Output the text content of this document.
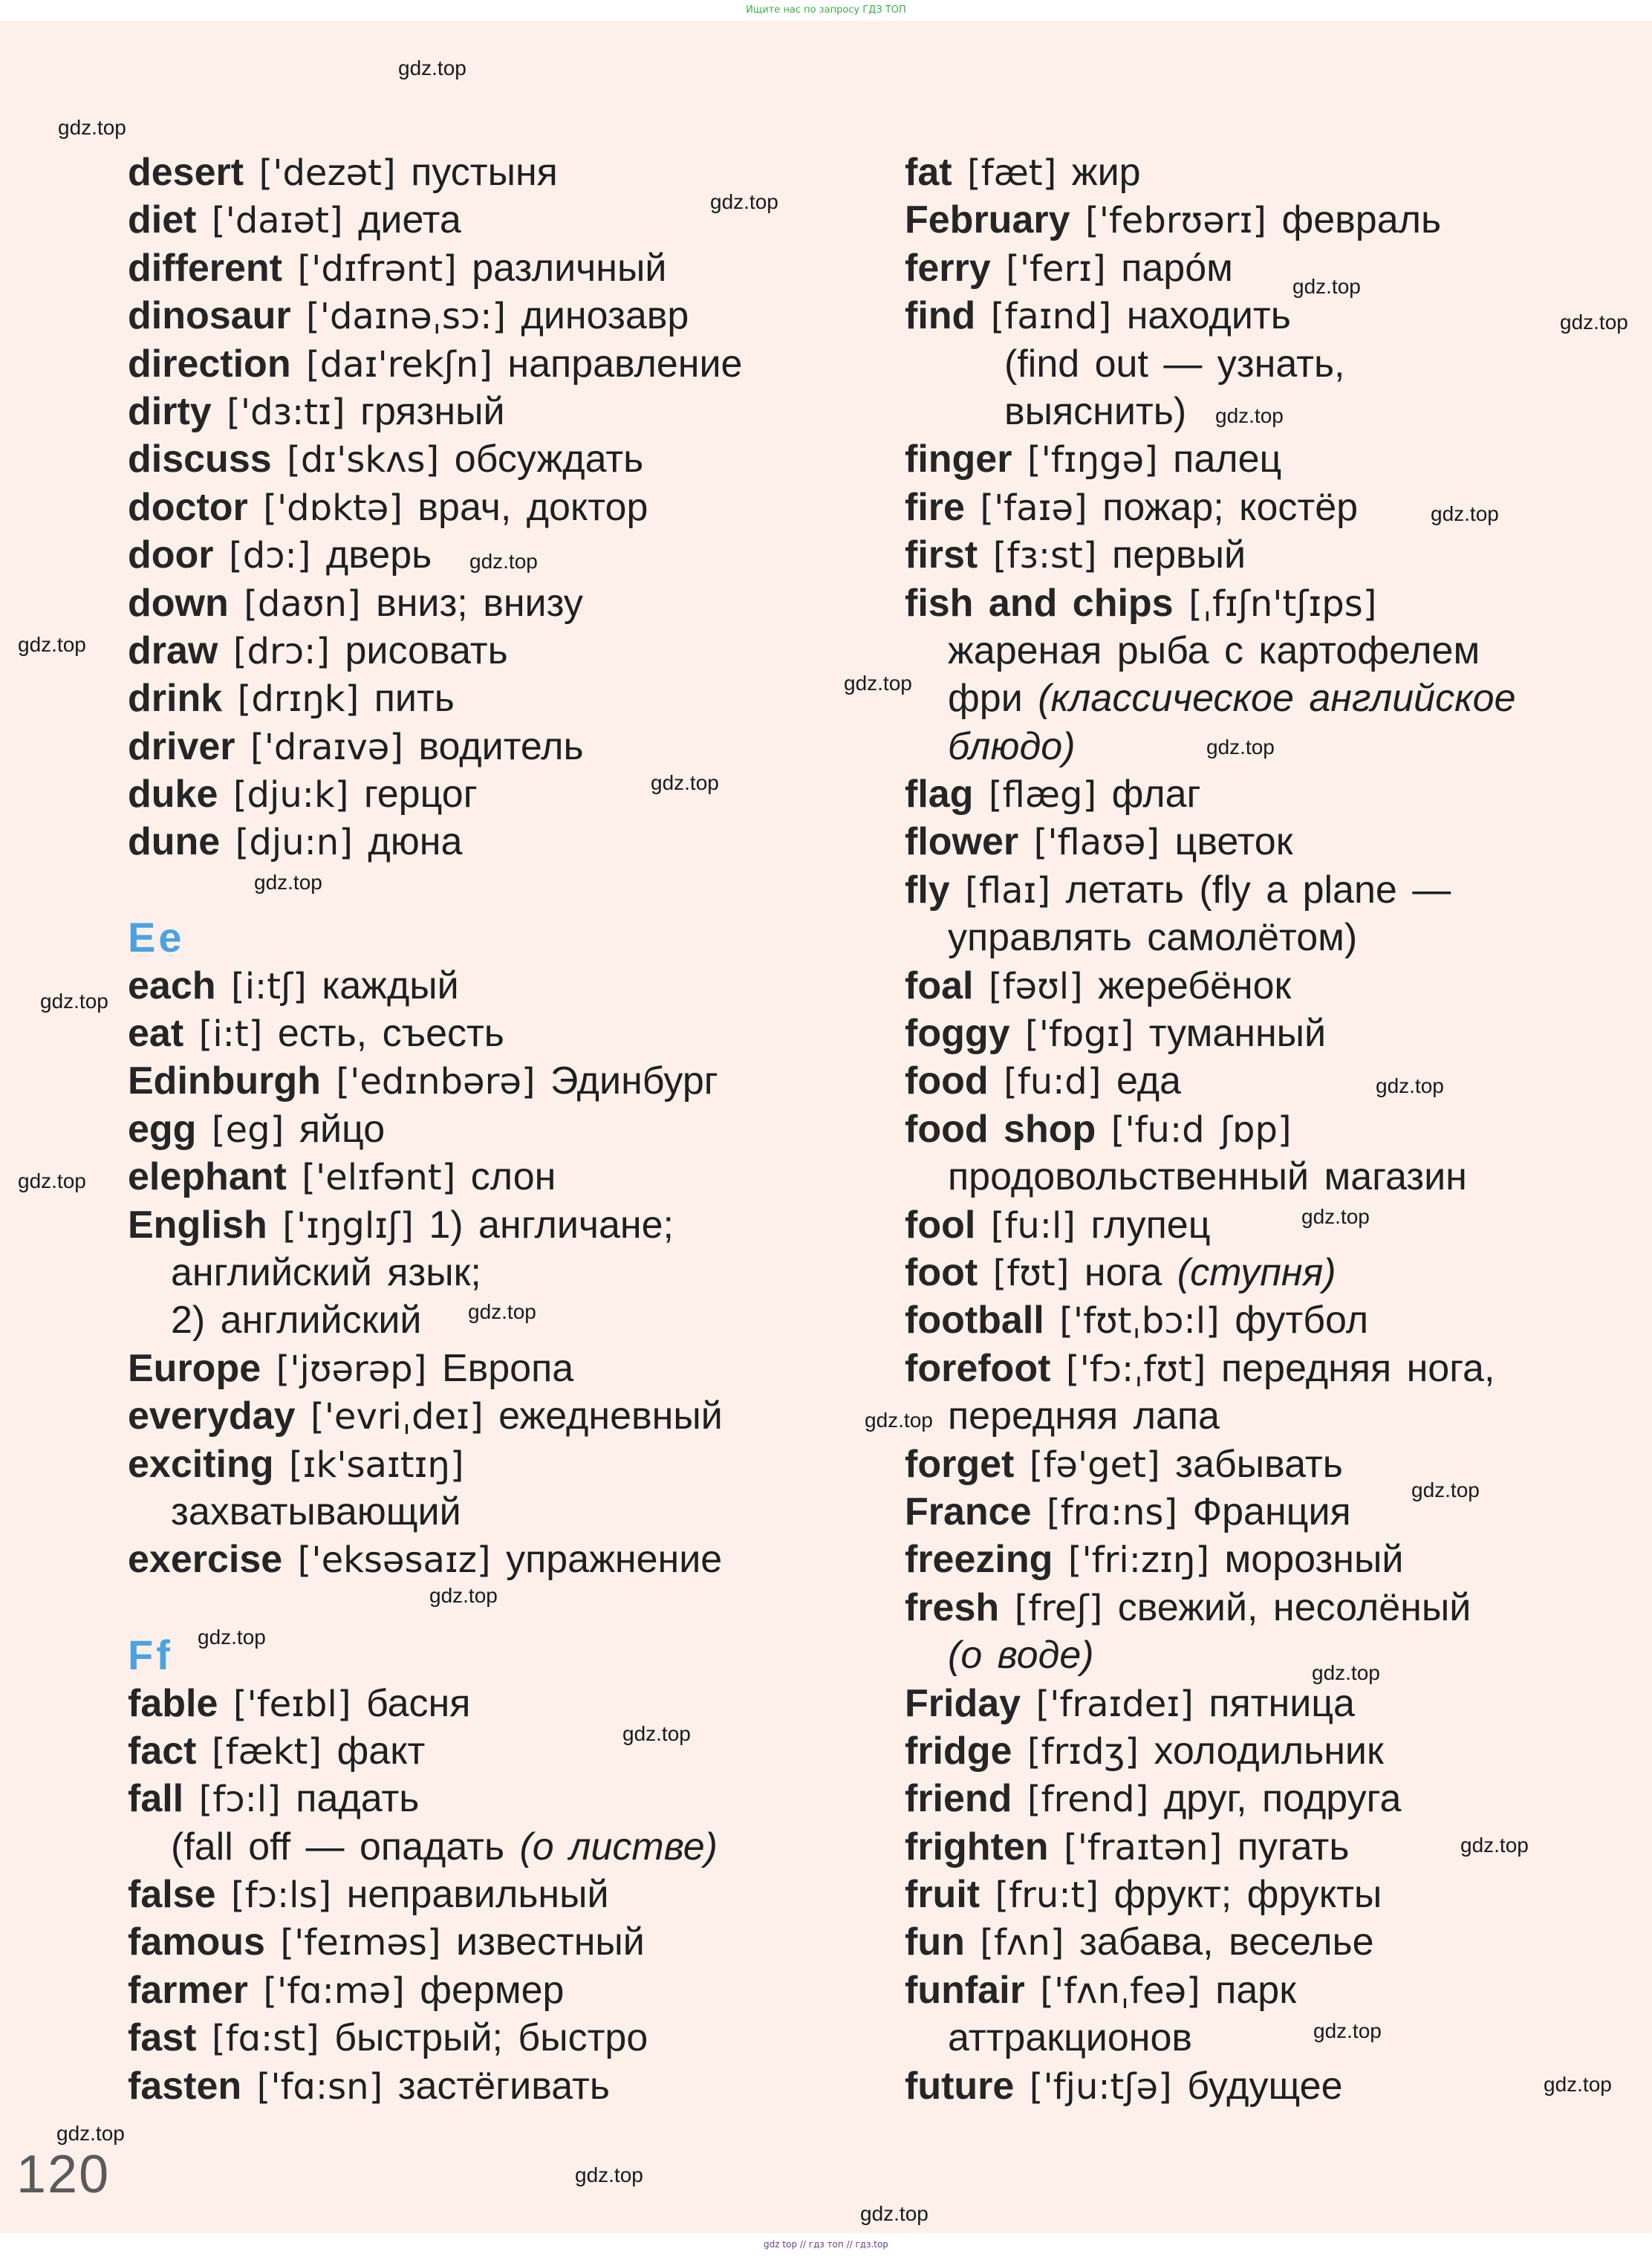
Ищите нас по запросу ГДЗ ТОП
desert ['dezət] пустыня
diet ['daɪət] диета
different ['dɪfrənt] различный
dinosaur ['daɪnəˌsɔ:] динозавр
direction [daɪ'rekʃn] направление
dirty ['dɜ:tɪ] грязный
discuss [dɪ'skʌs] обсуждать
doctor ['dɒktə] врач, доктор
door [dɔ:] дверь
down [daʊn] вниз; внизу
draw [drɔ:] рисовать
drink [drɪŋk] пить
driver ['draɪvə] водитель
duke [dju:k] герцог
dune [dju:n] дюна
Ee
each [i:tʃ] каждый
eat [i:t] есть, съесть
Edinburgh ['edɪnbərə] Эдинбург
egg [eg] яйцо
elephant ['elɪfənt] слон
English ['ɪŋglɪʃ] 1) англичане;
английский язык;
2) английский
Europe ['jʊərəp] Европа
everyday ['evriˌdeɪ] ежедневный
exciting [ɪk'saɪtɪŋ]
захватывающий
exercise ['eksəsaɪz] упражнение
Ff
fable ['feɪbl] басня
fact [fækt] факт
fall [fɔ:l] падать
(fall off — опадать (о листве)
false [fɔ:ls] неправильный
famous ['feɪməs] известный
farmer ['fɑ:mə] фермер
fast [fɑ:st] быстрый; быстро
fasten ['fɑ:sn] застёгивать
fat [fæt] жир
February ['febrʊərɪ] февраль
ferry ['ferɪ] паро́м
find [faɪnd] находить
(find out — узнать,
выяснить)
finger ['fɪŋgə] палец
fire ['faɪə] пожар; костёр
first [fɜ:st] первый
fish and chips [ˌfɪʃn'tʃɪps]
жареная рыба с картофелем
фри (классическое английское
блюдо)
flag [flæg] флаг
flower ['flaʊə] цветок
fly [flaɪ] летать (fly a plane —
управлять самолётом)
foal [fəʊl] жеребёнок
foggy ['fɒgɪ] туманный
food [fu:d] еда
food shop ['fu:d ʃɒp]
продовольственный магазин
fool [fu:l] глупец
foot [fʊt] нога (ступня)
football ['fʊtˌbɔ:l] футбол
forefoot ['fɔ:ˌfʊt] передняя нога,
передняя лапа
forget [fə'get] забывать
France [frɑ:ns] Франция
freezing ['fri:zɪŋ] морозный
fresh [freʃ] свежий, несолёный
(о воде)
Friday ['fraɪdeɪ] пятница
fridge [frɪdʒ] холодильник
friend [frend] друг, подруга
frighten ['fraɪtən] пугать
fruit [fru:t] фрукт; фрукты
fun [fʌn] забава, веселье
funfair ['fʌnˌfeə] парк
аттракционов
future ['fju:tʃə] будущее
gdz.top
gdz.top
gdz.top
gdz.top
gdz.top
gdz.top
gdz.top
gdz.top
gdz.top
gdz.top
gdz.top
gdz.top
gdz.top
gdz.top
gdz.top
gdz.top
gdz.top
gdz.top
gdz.top
gdz.top
gdz.top
gdz.top
gdz.top
gdz.top
gdz.top
gdz.top
gdz.top
gdz.top
gdz.top
gdz.top
120
gdz top // гдз топ // гдз.top
